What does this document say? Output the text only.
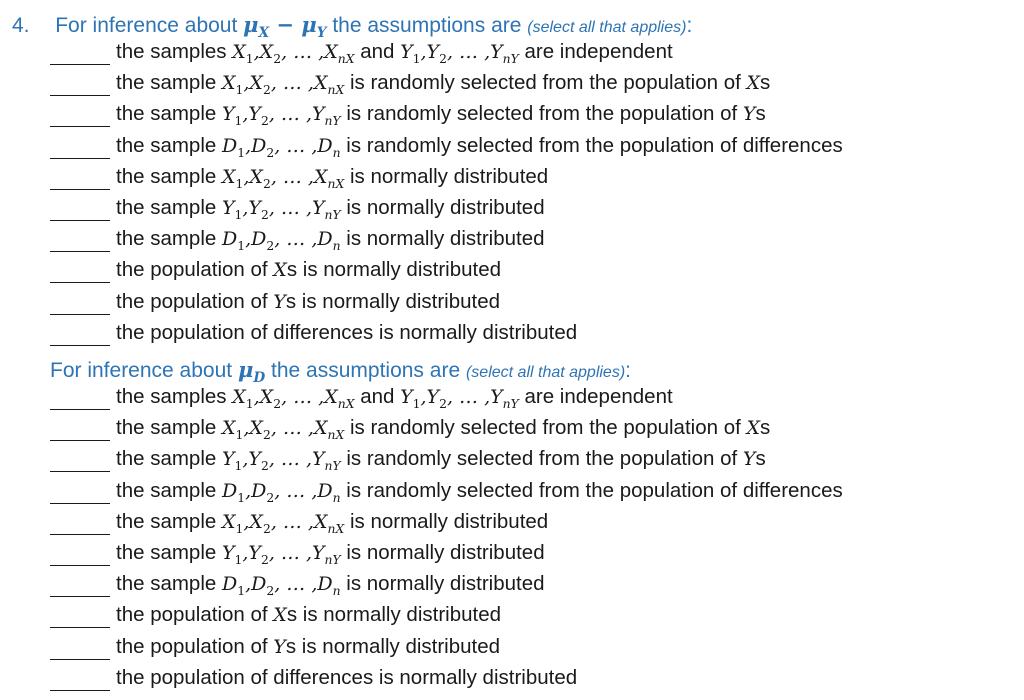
4. For inference about $\mu_X - \mu_Y$ the assumptions are (select all that applies):
the samples $X_1,X_2$, … $,X_{nX}$ and $Y_1,Y_2$, … $,Y_{nY}$ are independent
the sample $X_1,X_2$, … $,X_{nX}$ is randomly selected from the population of Xs
the sample $Y_1,Y_2$, … $,Y_{nY}$ is randomly selected from the population of Ys
the sample $D_1,D_2$, … $,D_n$ is randomly selected from the population of differences
the sample $X_1,X_2$, … $,X_{nX}$ is normally distributed
the sample $Y_1,Y_2$, … $,Y_{nY}$ is normally distributed
the sample $D_1,D_2$, … $,D_n$ is normally distributed
the population of Xs is normally distributed
the population of Ys is normally distributed
the population of differences is normally distributed
For inference about $\mu_D$ the assumptions are (select all that applies):
the samples $X_1,X_2$, … $,X_{nX}$ and $Y_1,Y_2$, … $,Y_{nY}$ are independent
the sample $X_1,X_2$, … $,X_{nX}$ is randomly selected from the population of Xs
the sample $Y_1,Y_2$, … $,Y_{nY}$ is randomly selected from the population of Ys
the sample $D_1,D_2$, … $,D_n$ is randomly selected from the population of differences
the sample $X_1,X_2$, … $,X_{nX}$ is normally distributed
the sample $Y_1,Y_2$, … $,Y_{nY}$ is normally distributed
the sample $D_1,D_2$, … $,D_n$ is normally distributed
the population of Xs is normally distributed
the population of Ys is normally distributed
the population of differences is normally distributed
